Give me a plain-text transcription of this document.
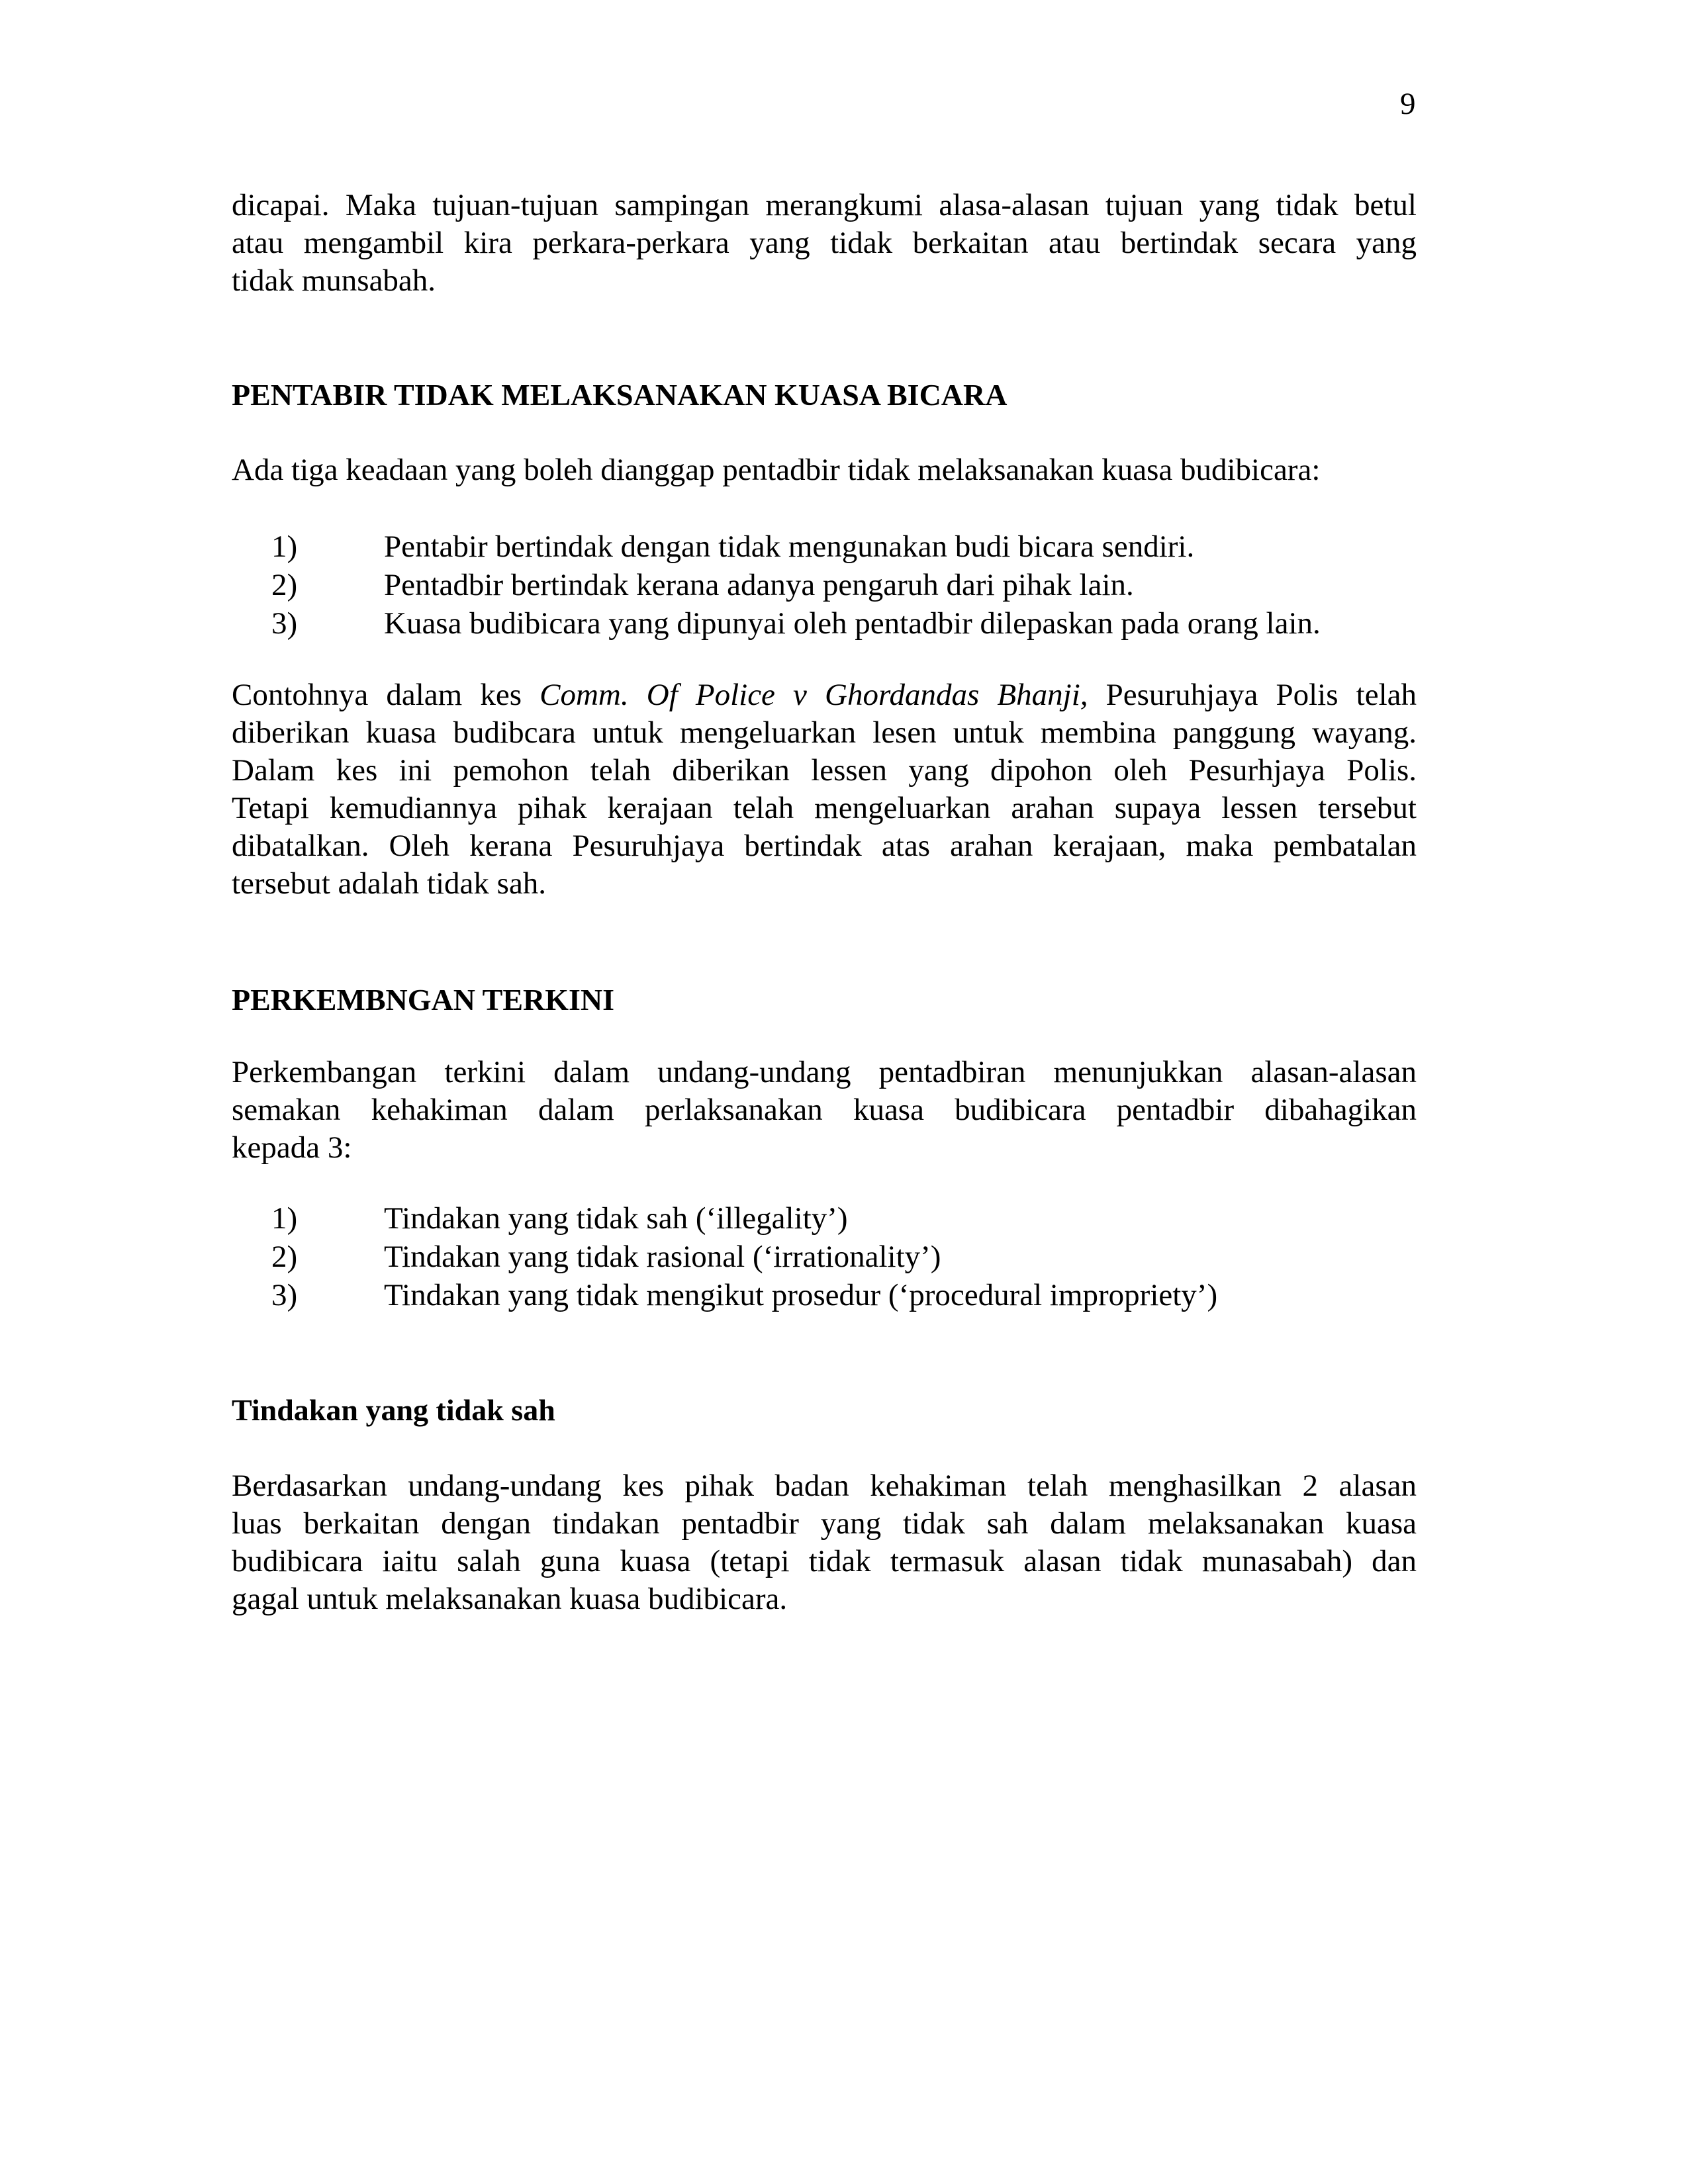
9
dicapai. Maka tujuan-tujuan sampingan merangkumi alasa-alasan tujuan yang tidak betul
atau mengambil kira perkara-perkara yang tidak berkaitan atau bertindak secara yang
tidak munsabah.
PENTABIR TIDAK MELAKSANAKAN KUASA BICARA
Ada tiga keadaan yang boleh dianggap pentadbir tidak melaksanakan kuasa budibicara:
1)	Pentabir bertindak dengan tidak mengunakan budi bicara sendiri.
2)	Pentadbir bertindak kerana adanya pengaruh dari pihak lain.
3)	Kuasa budibicara yang dipunyai oleh pentadbir dilepaskan pada orang lain.
Contohnya dalam kes Comm. Of Police v Ghordandas Bhanji, Pesuruhjaya Polis telah
diberikan kuasa budibcara untuk mengeluarkan lesen untuk membina panggung wayang.
Dalam kes ini pemohon telah diberikan lessen yang dipohon oleh Pesurhjaya Polis.
Tetapi kemudiannya pihak kerajaan telah mengeluarkan arahan supaya lessen tersebut
dibatalkan. Oleh kerana Pesuruhjaya bertindak atas arahan kerajaan, maka pembatalan
tersebut adalah tidak sah.
PERKEMBNGAN TERKINI
Perkembangan terkini dalam undang-undang pentadbiran menunjukkan alasan-alasan
semakan kehakiman dalam perlaksanakan kuasa budibicara pentadbir dibahagikan
kepada 3:
1)	Tindakan yang tidak sah (‘illegality’)
2)	Tindakan yang tidak rasional (‘irrationality’)
3)	Tindakan yang tidak mengikut prosedur (‘procedural impropriety’)
Tindakan yang tidak sah
Berdasarkan undang-undang kes pihak badan kehakiman telah menghasilkan 2 alasan
luas berkaitan dengan tindakan pentadbir yang tidak sah dalam melaksanakan kuasa
budibicara iaitu salah guna kuasa (tetapi tidak termasuk alasan tidak munasabah) dan
gagal untuk melaksanakan kuasa budibicara.
